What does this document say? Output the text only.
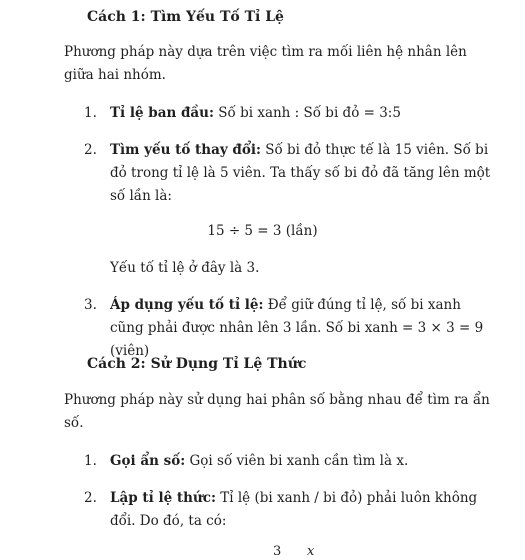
Cách 1: Tìm Yếu Tố Tỉ Lệ

Phương pháp này dựa trên việc tìm ra mối liên hệ nhân lên giữa hai nhóm.

1. Tỉ lệ ban đầu: Số bi xanh : Số bi đỏ = 3:5
2. Tìm yếu tố thay đổi: Số bi đỏ thực tế là 15 viên. Số bi đỏ trong tỉ lệ là 5 viên. Ta thấy số bi đỏ đã tăng lên một số lần là:
15 ÷ 5 = 3 (lần)
Yếu tố tỉ lệ ở đây là 3.
3. Áp dụng yếu tố tỉ lệ: Để giữ đúng tỉ lệ, số bi xanh cũng phải được nhân lên 3 lần. Số bi xanh = 3 × 3 = 9 (viên)
Cách 2: Sử Dụng Tỉ Lệ Thức

Phương pháp này sử dụng hai phân số bằng nhau để tìm ra ẩn số.

1. Gọi ẩn số: Gọi số viên bi xanh cần tìm là x.
2. Lập tỉ lệ thức: Tỉ lệ (bi xanh / bi đỏ) phải luôn không đổi. Do đó, ta có:
3 x
